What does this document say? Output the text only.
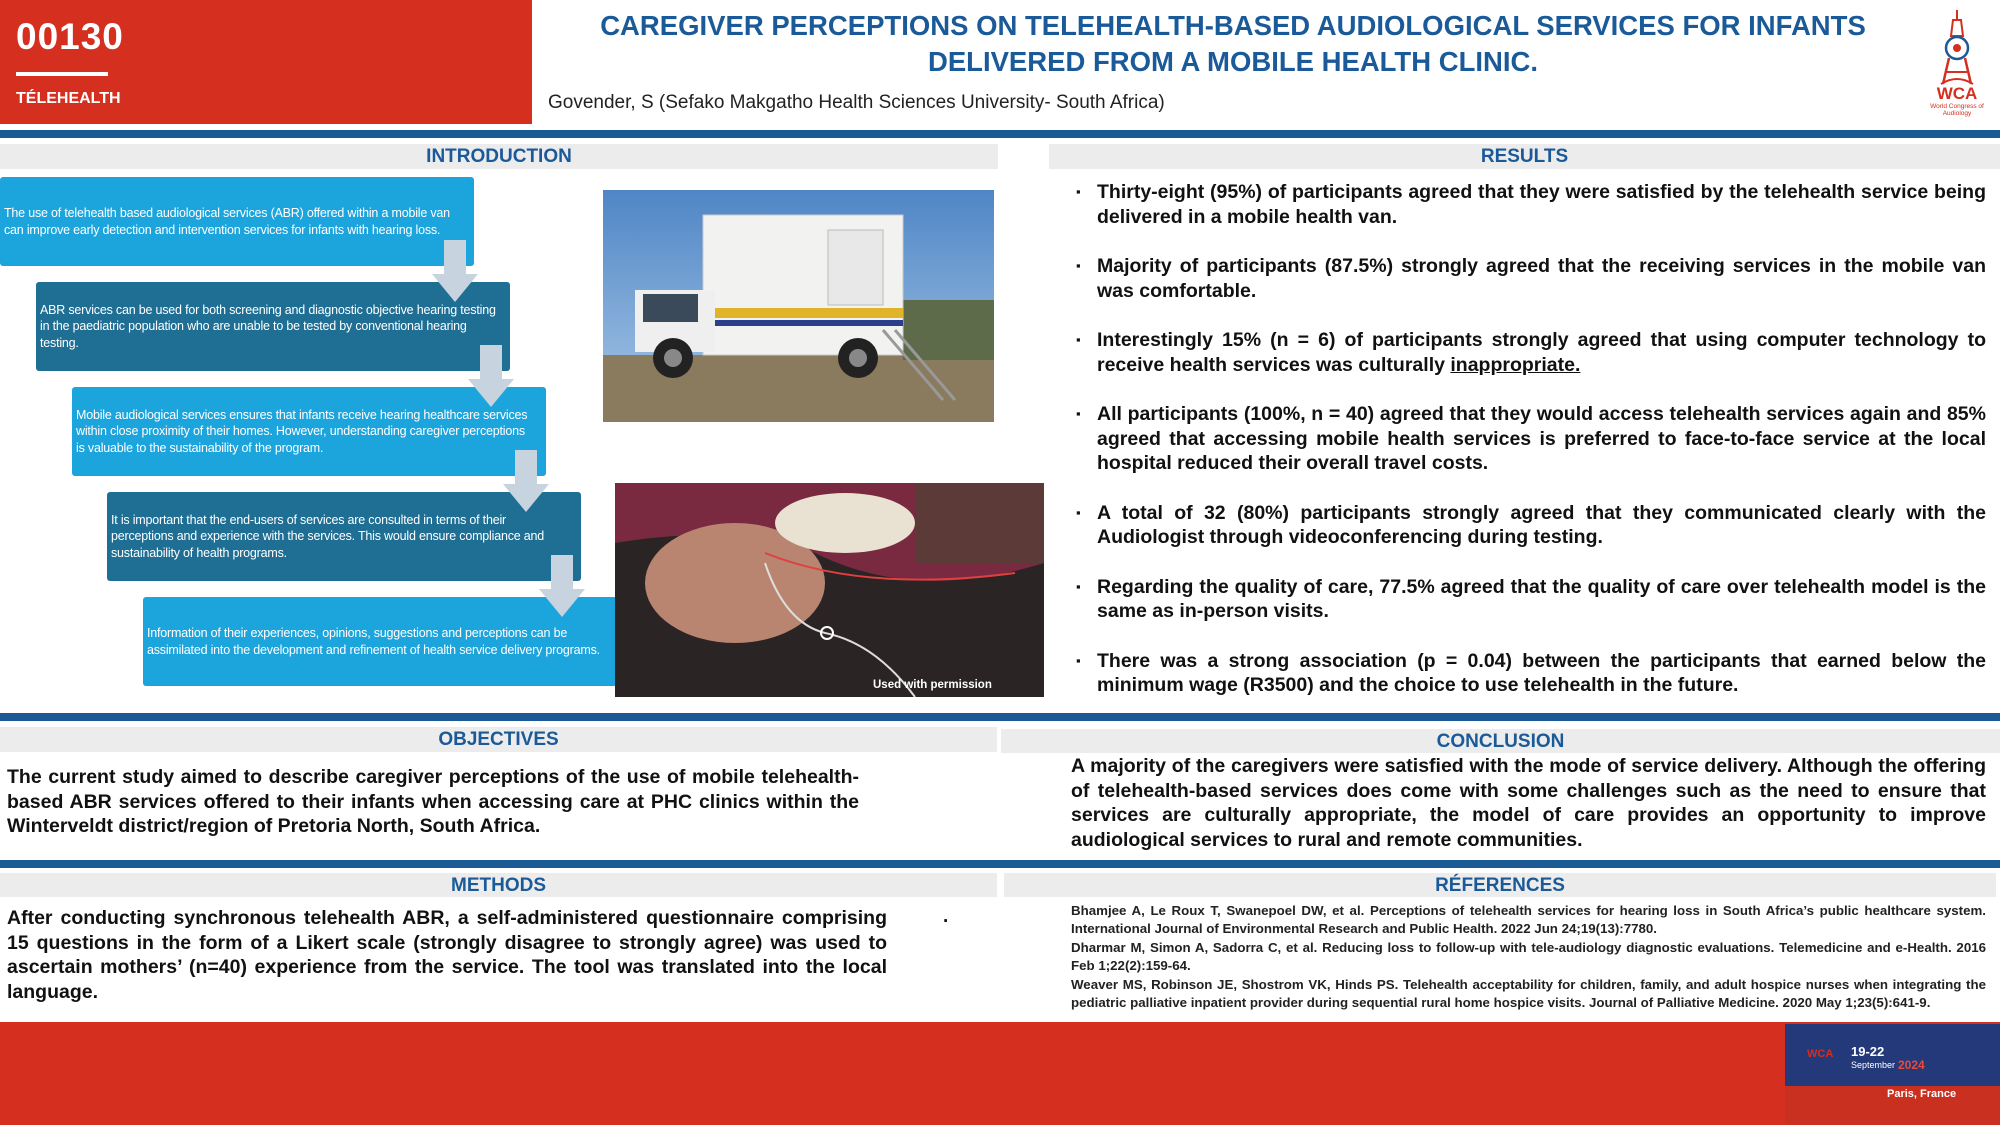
00130
TÉLEHEALTH
CAREGIVER PERCEPTIONS ON TELEHEALTH-BASED AUDIOLOGICAL SERVICES FOR INFANTS
DELIVERED FROM A MOBILE HEALTH CLINIC.
Govender, S (Sefako Makgatho Health Sciences University- South Africa)	WCA
World Congress of Audiology
INTRODUCTION
The use of telehealth based audiological services (ABR) offered within a mobile van can improve early detection and intervention services for infants with hearing loss.
ABR services can be used for both screening and diagnostic objective hearing testing in the paediatric population who are unable to be tested by conventional hearing testing.
Mobile audiological services ensures that infants receive hearing healthcare services within close proximity of their homes. However, understanding caregiver perceptions is valuable to the sustainability of the program.
It is important that the end-users of services are consulted in terms of their perceptions and experience with the services. This would ensure compliance and sustainability of health programs.
Information of their experiences, opinions, suggestions and perceptions can be assimilated into the development and refinement of health service delivery programs.
Used with permission
RESULTS
▪ Thirty-eight (95%) of participants agreed that they were satisfied by the telehealth service being delivered in a mobile health van.
▪ Majority of participants (87.5%) strongly agreed that the receiving services in the mobile van was comfortable.
▪ Interestingly 15% (n = 6) of participants strongly agreed that using computer technology to receive health services was culturally inappropriate.
▪ All participants (100%, n = 40) agreed that they would access telehealth services again and 85% agreed that accessing mobile health services is preferred to face-to-face service at the local hospital reduced their overall travel costs.
▪ A total of 32 (80%) participants strongly agreed that they communicated clearly with the Audiologist through videoconferencing during testing.
▪ Regarding the quality of care, 77.5% agreed that the quality of care over telehealth model is the same as in-person visits.
▪ There was a strong association (p = 0.04) between the participants that earned below the minimum wage (R3500) and the choice to use telehealth in the future.
OBJECTIVES
The current study aimed to describe caregiver perceptions of the use of mobile telehealth-based ABR services offered to their infants when accessing care at PHC clinics within the Winterveldt district/region of Pretoria North, South Africa.
CONCLUSION
A majority of the caregivers were satisfied with the mode of service delivery. Although the offering of telehealth-based services does come with some challenges such as the need to ensure that services are culturally appropriate, the model of care provides an opportunity to improve audiological services to rural and remote communities.
METHODS
After conducting synchronous telehealth ABR, a self-administered questionnaire comprising 15 questions in the form of a Likert scale (strongly disagree to strongly agree) was used to ascertain mothers’ (n=40) experience from the service. The tool was translated into the local language.
.
RÉFERENCES

Bhamjee A, Le Roux T, Swanepoel DW, et al. Perceptions of telehealth services for hearing loss in South Africa’s public healthcare system. International Journal of Environmental Research and Public Health. 2022 Jun 24;19(13):7780.

Dharmar M, Simon A, Sadorra C, et al. Reducing loss to follow-up with tele-audiology diagnostic evaluations. Telemedicine and e-Health. 2016 Feb 1;22(2):159-64.

Weaver MS, Robinson JE, Shostrom VK, Hinds PS. Telehealth acceptability for children, family, and adult hospice nurses when integrating the pediatric palliative inpatient provider during sequential rural home hospice visits. Journal of Palliative Medicine. 2020 May 1;23(5):641-9.

WCA 19-22
September 2024
Paris, France
